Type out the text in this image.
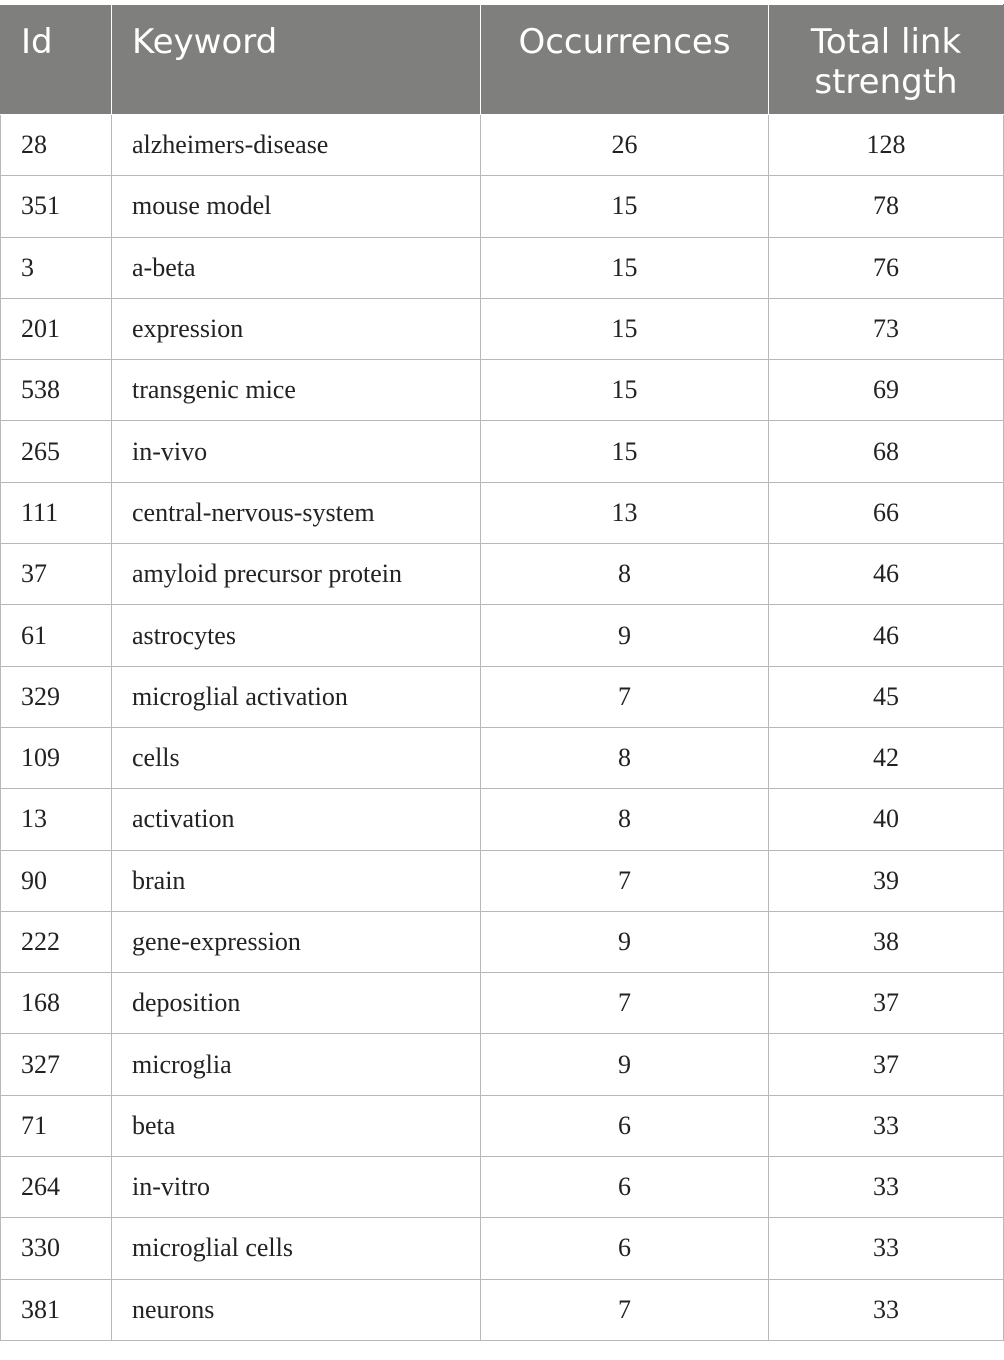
Id	Keyword	Occurrences	Total link strength

28	alzheimers-disease	26	128
351	mouse model	15	78
3	a-beta	15	76
201	expression	15	73
538	transgenic mice	15	69
265	in-vivo	15	68
111	central-nervous-system	13	66
37	amyloid precursor protein	8	46
61	astrocytes	9	46
329	microglial activation	7	45
109	cells	8	42
13	activation	8	40
90	brain	7	39
222	gene-expression	9	38
168	deposition	7	37
327	microglia	9	37
71	beta	6	33
264	in-vitro	6	33
330	microglial cells	6	33
381	neurons	7	33
